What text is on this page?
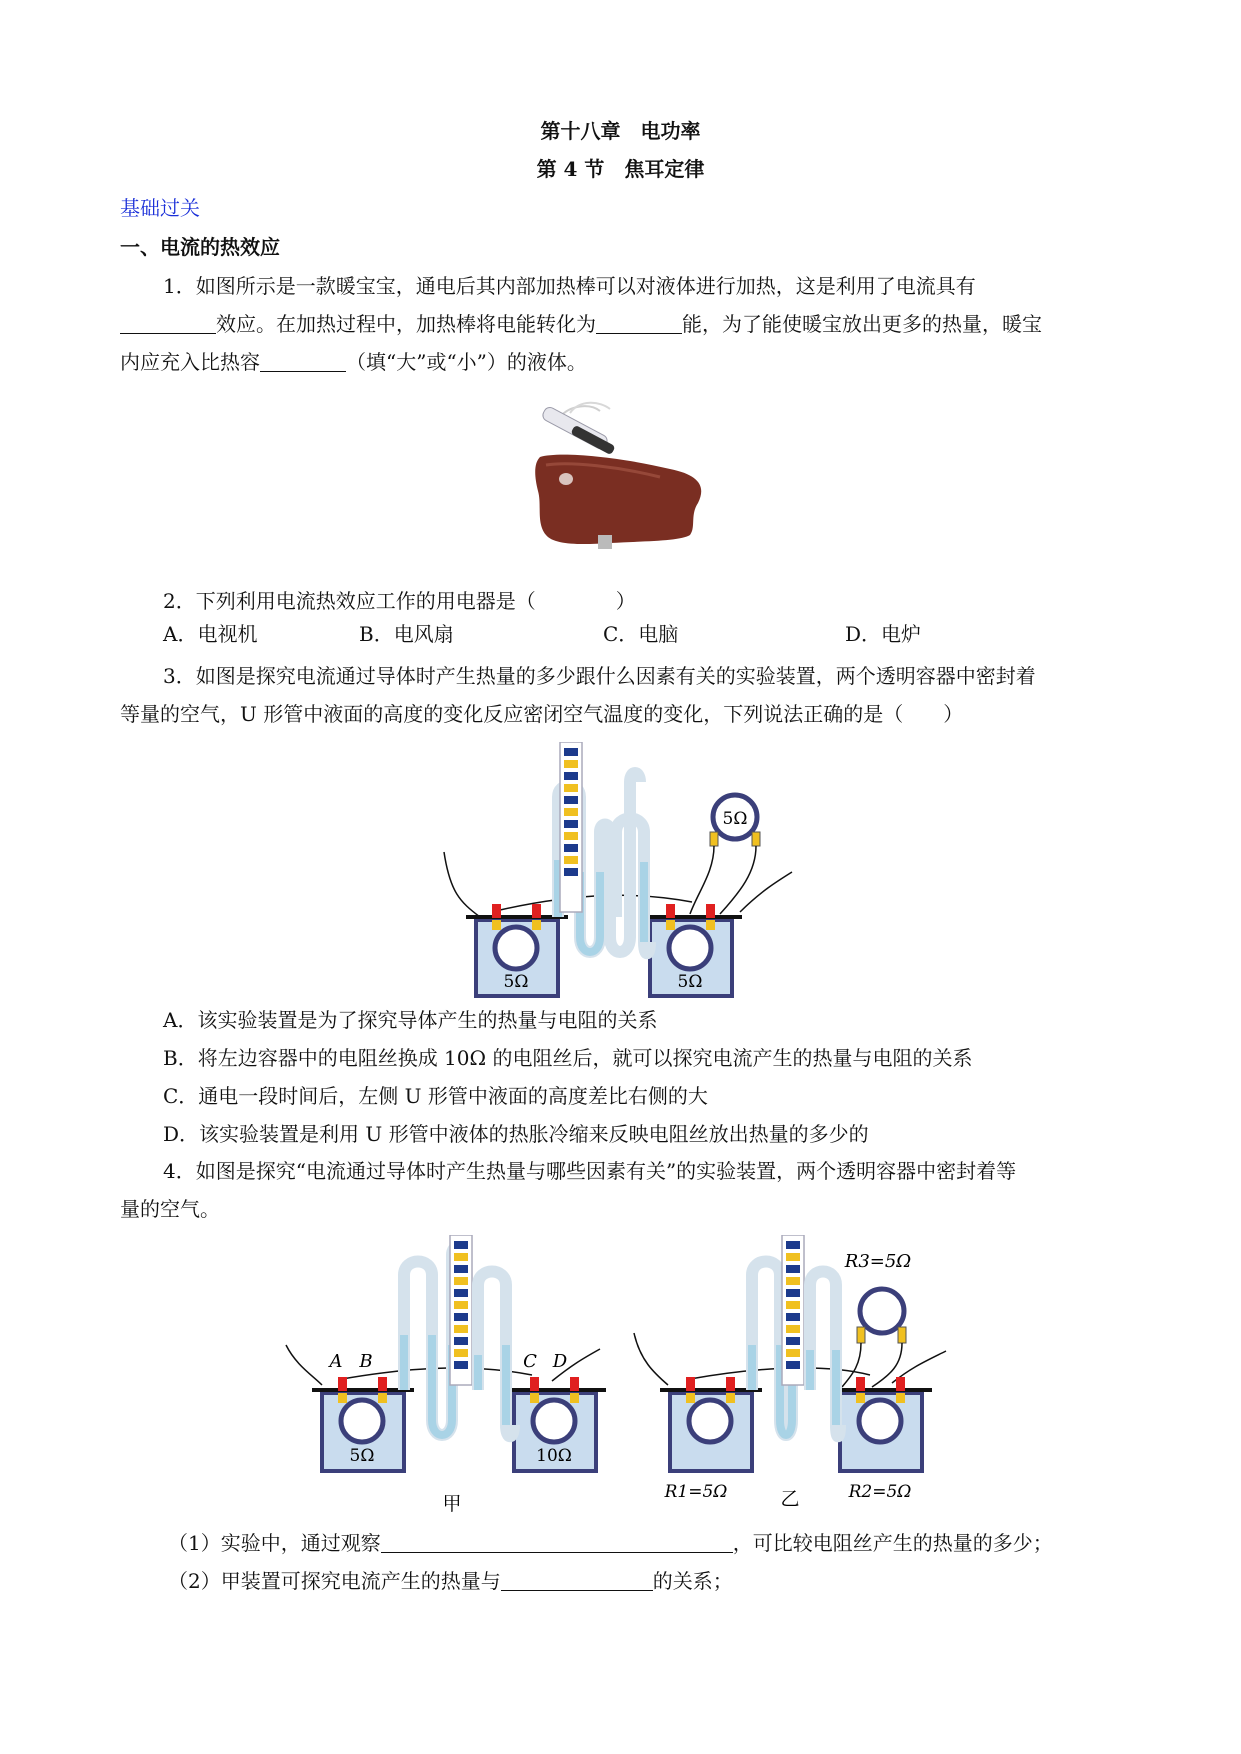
第十八章　电功率
第 4 节　焦耳定律
基础过关
一、电流的热效应
1．如图所示是一款暖宝宝，通电后其内部加热棒可以对液体进行加热，这是利用了电流具有
效应。在加热过程中，加热棒将电能转化为	能，为了能使暖宝放出更多的热量，暖宝
内应充入比热容	（填“大”或“小”）的液体。
2．下列利用电流热效应工作的用电器是（　　　　）
A．电视机	B．电风扇	C．电脑	D．电炉
3．如图是探究电流通过导体时产生热量的多少跟什么因素有关的实验装置，两个透明容器中密封着
等量的空气，U 形管中液面的高度的变化反应密闭空气温度的变化，下列说法正确的是（　　）
5Ω
5Ω	5Ω
A．该实验装置是为了探究导体产生的热量与电阻的关系
B．将左边容器中的电阻丝换成 10Ω 的电阻丝后，就可以探究电流产生的热量与电阻的关系
C．通电一段时间后，左侧 U 形管中液面的高度差比右侧的大
D．该实验装置是利用 U 形管中液体的热胀冷缩来反映电阻丝放出热量的多少的
4．如图是探究“电流通过导体时产生热量与哪些因素有关”的实验装置，两个透明容器中密封着等
量的空气。
A B	C D
5Ω	10Ω
甲
R3=5Ω
R1=5Ω	R2=5Ω
乙
（1）实验中，通过观察	，可比较电阻丝产生的热量的多少；
（2）甲装置可探究电流产生的热量与	的关系；
